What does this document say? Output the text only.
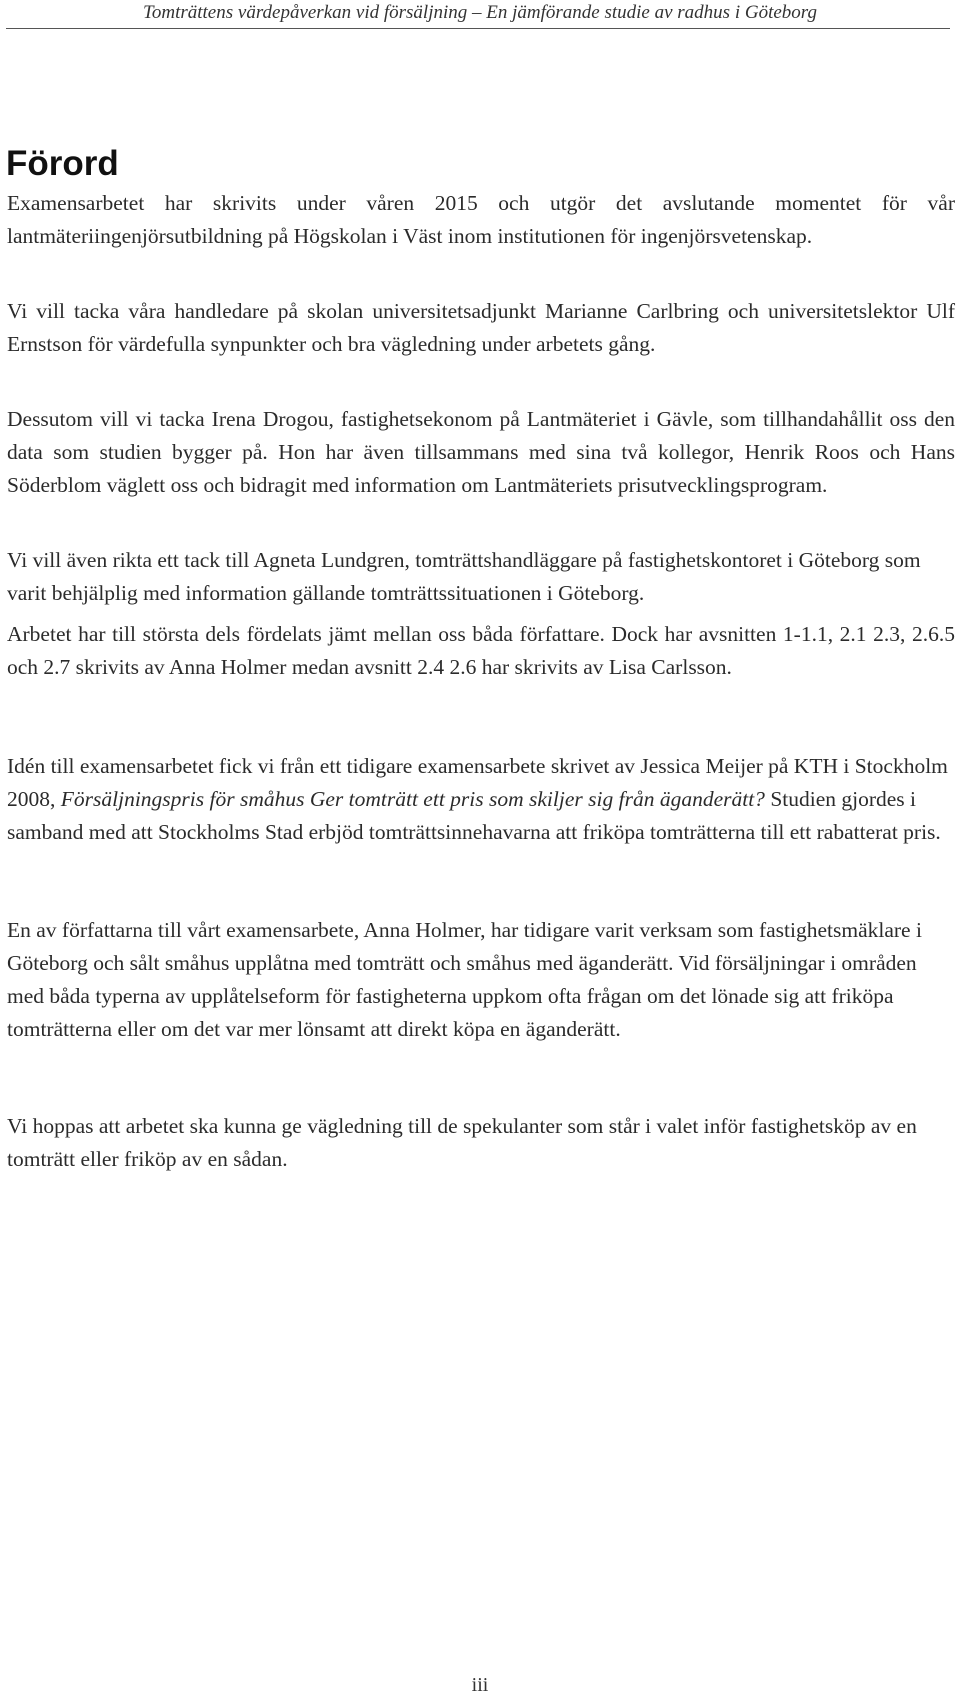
Tomträttens värdepåverkan vid försäljning – En jämförande studie av radhus i Göteborg
Förord

Examensarbetet har skrivits under våren 2015 och utgör det avslutande momentet för vår lantmäteriingenjörsutbildning på Högskolan i Väst inom institutionen för ingenjörsvetenskap.

Vi vill tacka våra handledare på skolan universitetsadjunkt Marianne Carlbring och universitetslektor Ulf Ernstson för värdefulla synpunkter och bra vägledning under arbetets gång.

Dessutom vill vi tacka Irena Drogou, fastighetsekonom på Lantmäteriet i Gävle, som tillhandahållit oss den data som studien bygger på. Hon har även tillsammans med sina två kollegor, Henrik Roos och Hans Söderblom väglett oss och bidragit med information om Lantmäteriets prisutvecklingsprogram.

Vi vill även rikta ett tack till Agneta Lundgren, tomträttshandläggare på fastighetskontoret i Göteborg som varit behjälplig med information gällande tomträttssituationen i Göteborg.

Arbetet har till största dels fördelats jämt mellan oss båda författare. Dock har avsnitten 1-1.1, 2.1 2.3, 2.6.5 och 2.7 skrivits av Anna Holmer medan avsnitt 2.4 2.6 har skrivits av Lisa Carlsson.

Idén till examensarbetet fick vi från ett tidigare examensarbete skrivet av Jessica Meijer på KTH i Stockholm 2008, Försäljningspris för småhus Ger tomträtt ett pris som skiljer sig från äganderätt? Studien gjordes i samband med att Stockholms Stad erbjöd tomträttsinnehavarna att friköpa tomträtterna till ett rabatterat pris.

En av författarna till vårt examensarbete, Anna Holmer, har tidigare varit verksam som fastighetsmäklare i Göteborg och sålt småhus upplåtna med tomträtt och småhus med äganderätt. Vid försäljningar i områden med båda typerna av upplåtelseform för fastigheterna uppkom ofta frågan om det lönade sig att friköpa tomträtterna eller om det var mer lönsamt att direkt köpa en äganderätt.

Vi hoppas att arbetet ska kunna ge vägledning till de spekulanter som står i valet inför fastighetsköp av en tomträtt eller friköp av en sådan.

iii
